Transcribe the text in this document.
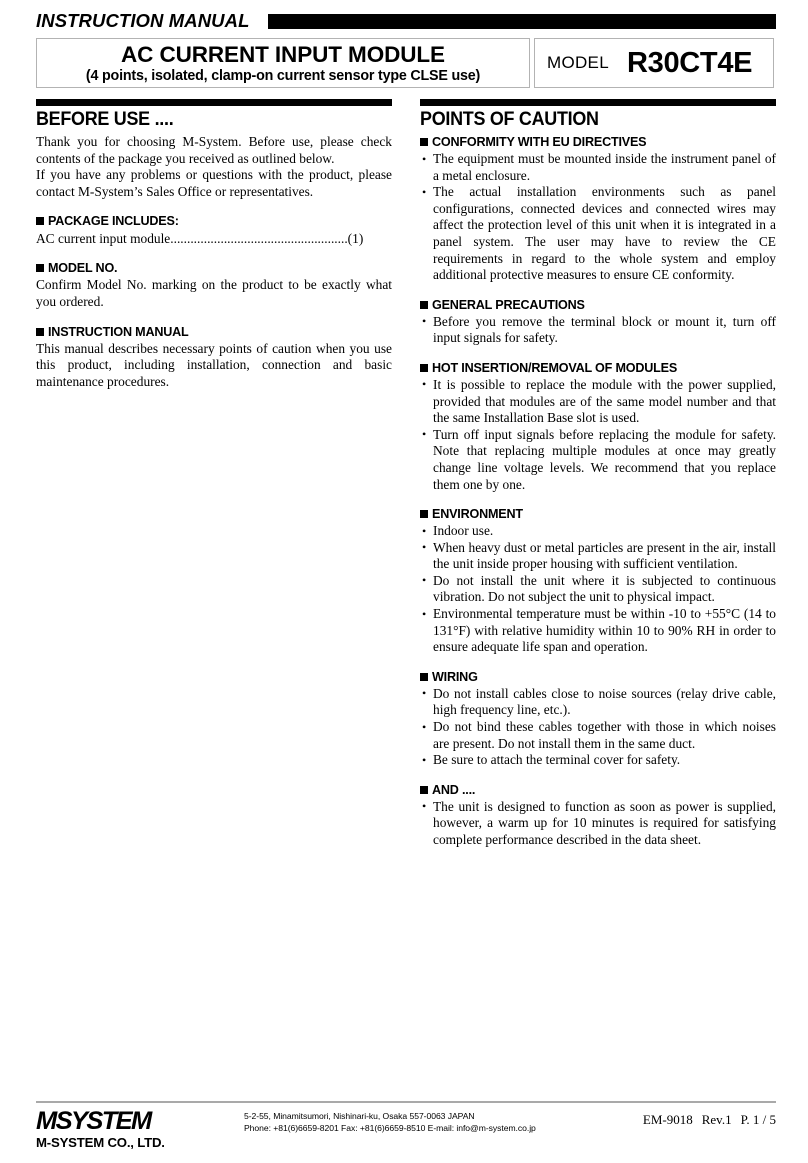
INSTRUCTION MANUAL
AC CURRENT INPUT MODULE
(4 points, isolated, clamp-on current sensor type CLSE use)
MODEL R30CT4E
BEFORE USE ....

Thank you for choosing M-System. Before use, please check contents of the package you received as outlined below.

If you have any problems or questions with the product, please contact M-System’s Sales Office or representatives.

PACKAGE INCLUDES:
AC current input module.....................................................(1)
MODEL NO.

Confirm Model No. marking on the product to be exactly what you ordered.

INSTRUCTION MANUAL

This manual describes necessary points of caution when you use this product, including installation, connection and basic maintenance procedures.

POINTS OF CAUTION
CONFORMITY WITH EU DIRECTIVES
• The equipment must be mounted inside the instrument panel of a metal enclosure.
• The actual installation environments such as panel configurations, connected devices and connected wires may affect the protection level of this unit when it is integrated in a panel system. The user may have to review the CE requirements in regard to the whole system and employ additional protective measures to ensure CE conformity.
GENERAL PRECAUTIONS
• Before you remove the terminal block or mount it, turn off input signals for safety.
HOT INSERTION/REMOVAL OF MODULES
• It is possible to replace the module with the power supplied, provided that modules are of the same model number and that the same Installation Base slot is used.
• Turn off input signals before replacing the module for safety. Note that replacing multiple modules at once may greatly change line voltage levels. We recommend that you replace them one by one.
ENVIRONMENT
• Indoor use.
• When heavy dust or metal particles are present in the air, install the unit inside proper housing with sufficient ventilation.
• Do not install the unit where it is subjected to continuous vibration. Do not subject the unit to physical impact.
• Environmental temperature must be within -10 to +55°C (14 to 131°F) with relative humidity within 10 to 90% RH in order to ensure adequate life span and operation.
WIRING
• Do not install cables close to noise sources (relay drive cable, high frequency line, etc.).
• Do not bind these cables together with those in which noises are present. Do not install them in the same duct.
• Be sure to attach the terminal cover for safety.
AND ....
• The unit is designed to function as soon as power is supplied, however, a warm up for 10 minutes is required for satisfying complete performance described in the data sheet.
MSYSTEM
M-SYSTEM CO., LTD.
5-2-55, Minamitsumori, Nishinari-ku, Osaka 557-0063 JAPAN
Phone: +81(6)6659-8201 Fax: +81(6)6659-8510 E-mail: info@m-system.co.jp
EM-9018 Rev.1 P. 1 / 5
